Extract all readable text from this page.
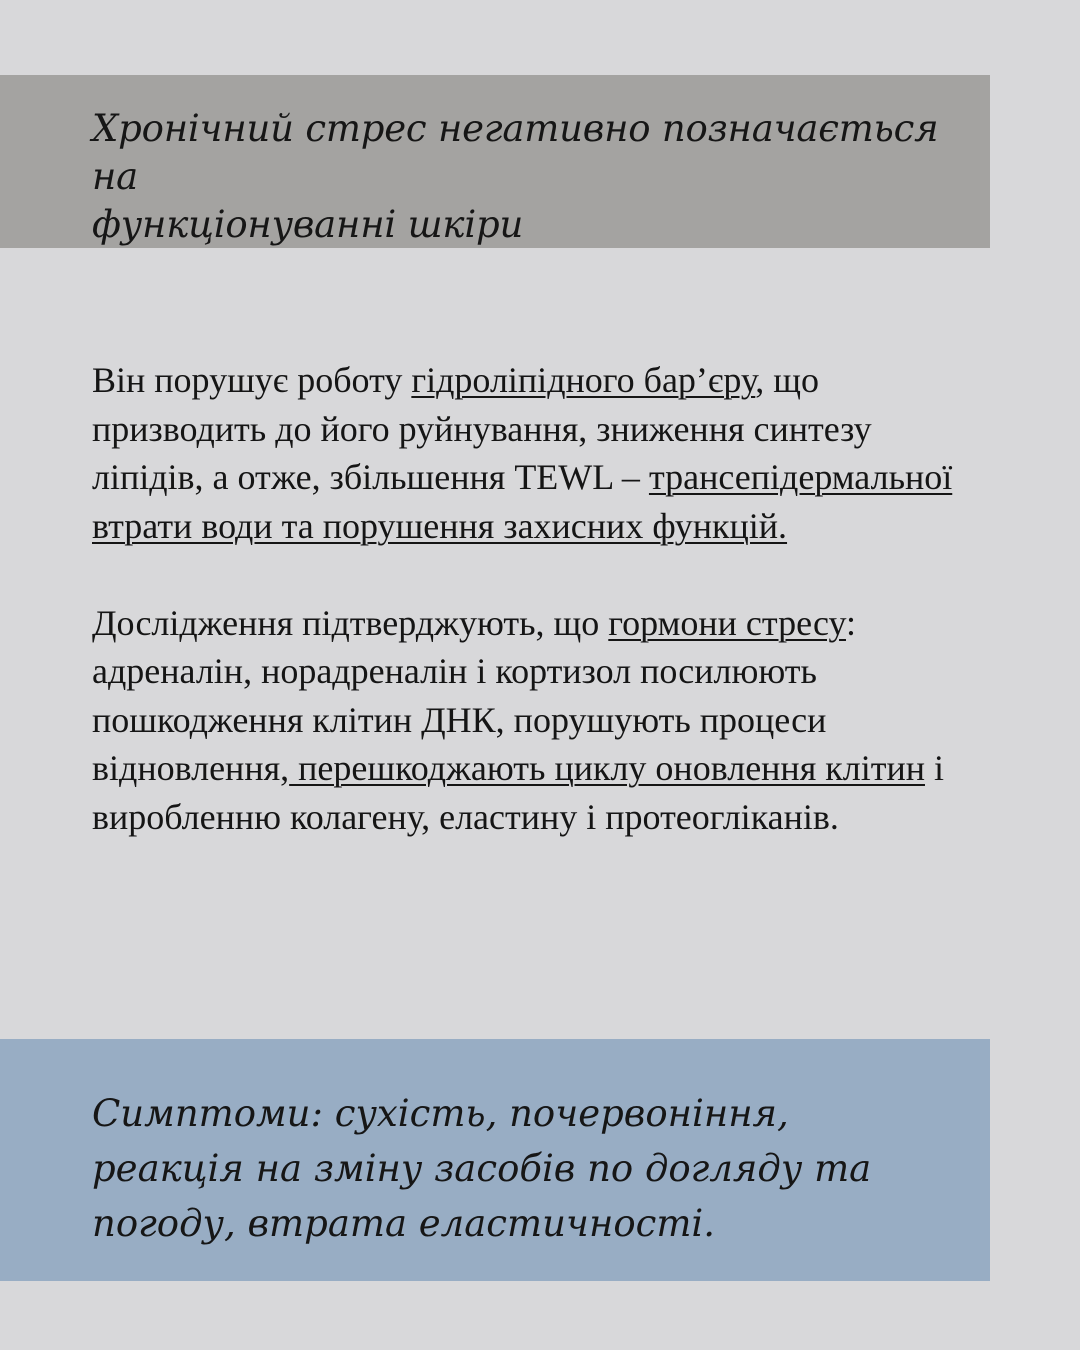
Хронічний стрес негативно позначається на
функціонуванні шкіри

Він порушує роботу гідроліпідного бар’єру, що призводить до його руйнування, зниження синтезу ліпідів, а отже, збільшення TEWL – трансепідермальної втрати води та порушення захисних функцій.

Дослідження підтверджують, що гормони стресу: адреналін, норадреналін і кортизол посилюють пошкодження клітин ДНК, порушують процеси відновлення, перешкоджають циклу оновлення клітин і виробленню колагену, еластину і протеогліканів.

Симптоми: сухість, почервоніння, реакція на зміну засобів по догляду та погоду, втрата еластичності.
